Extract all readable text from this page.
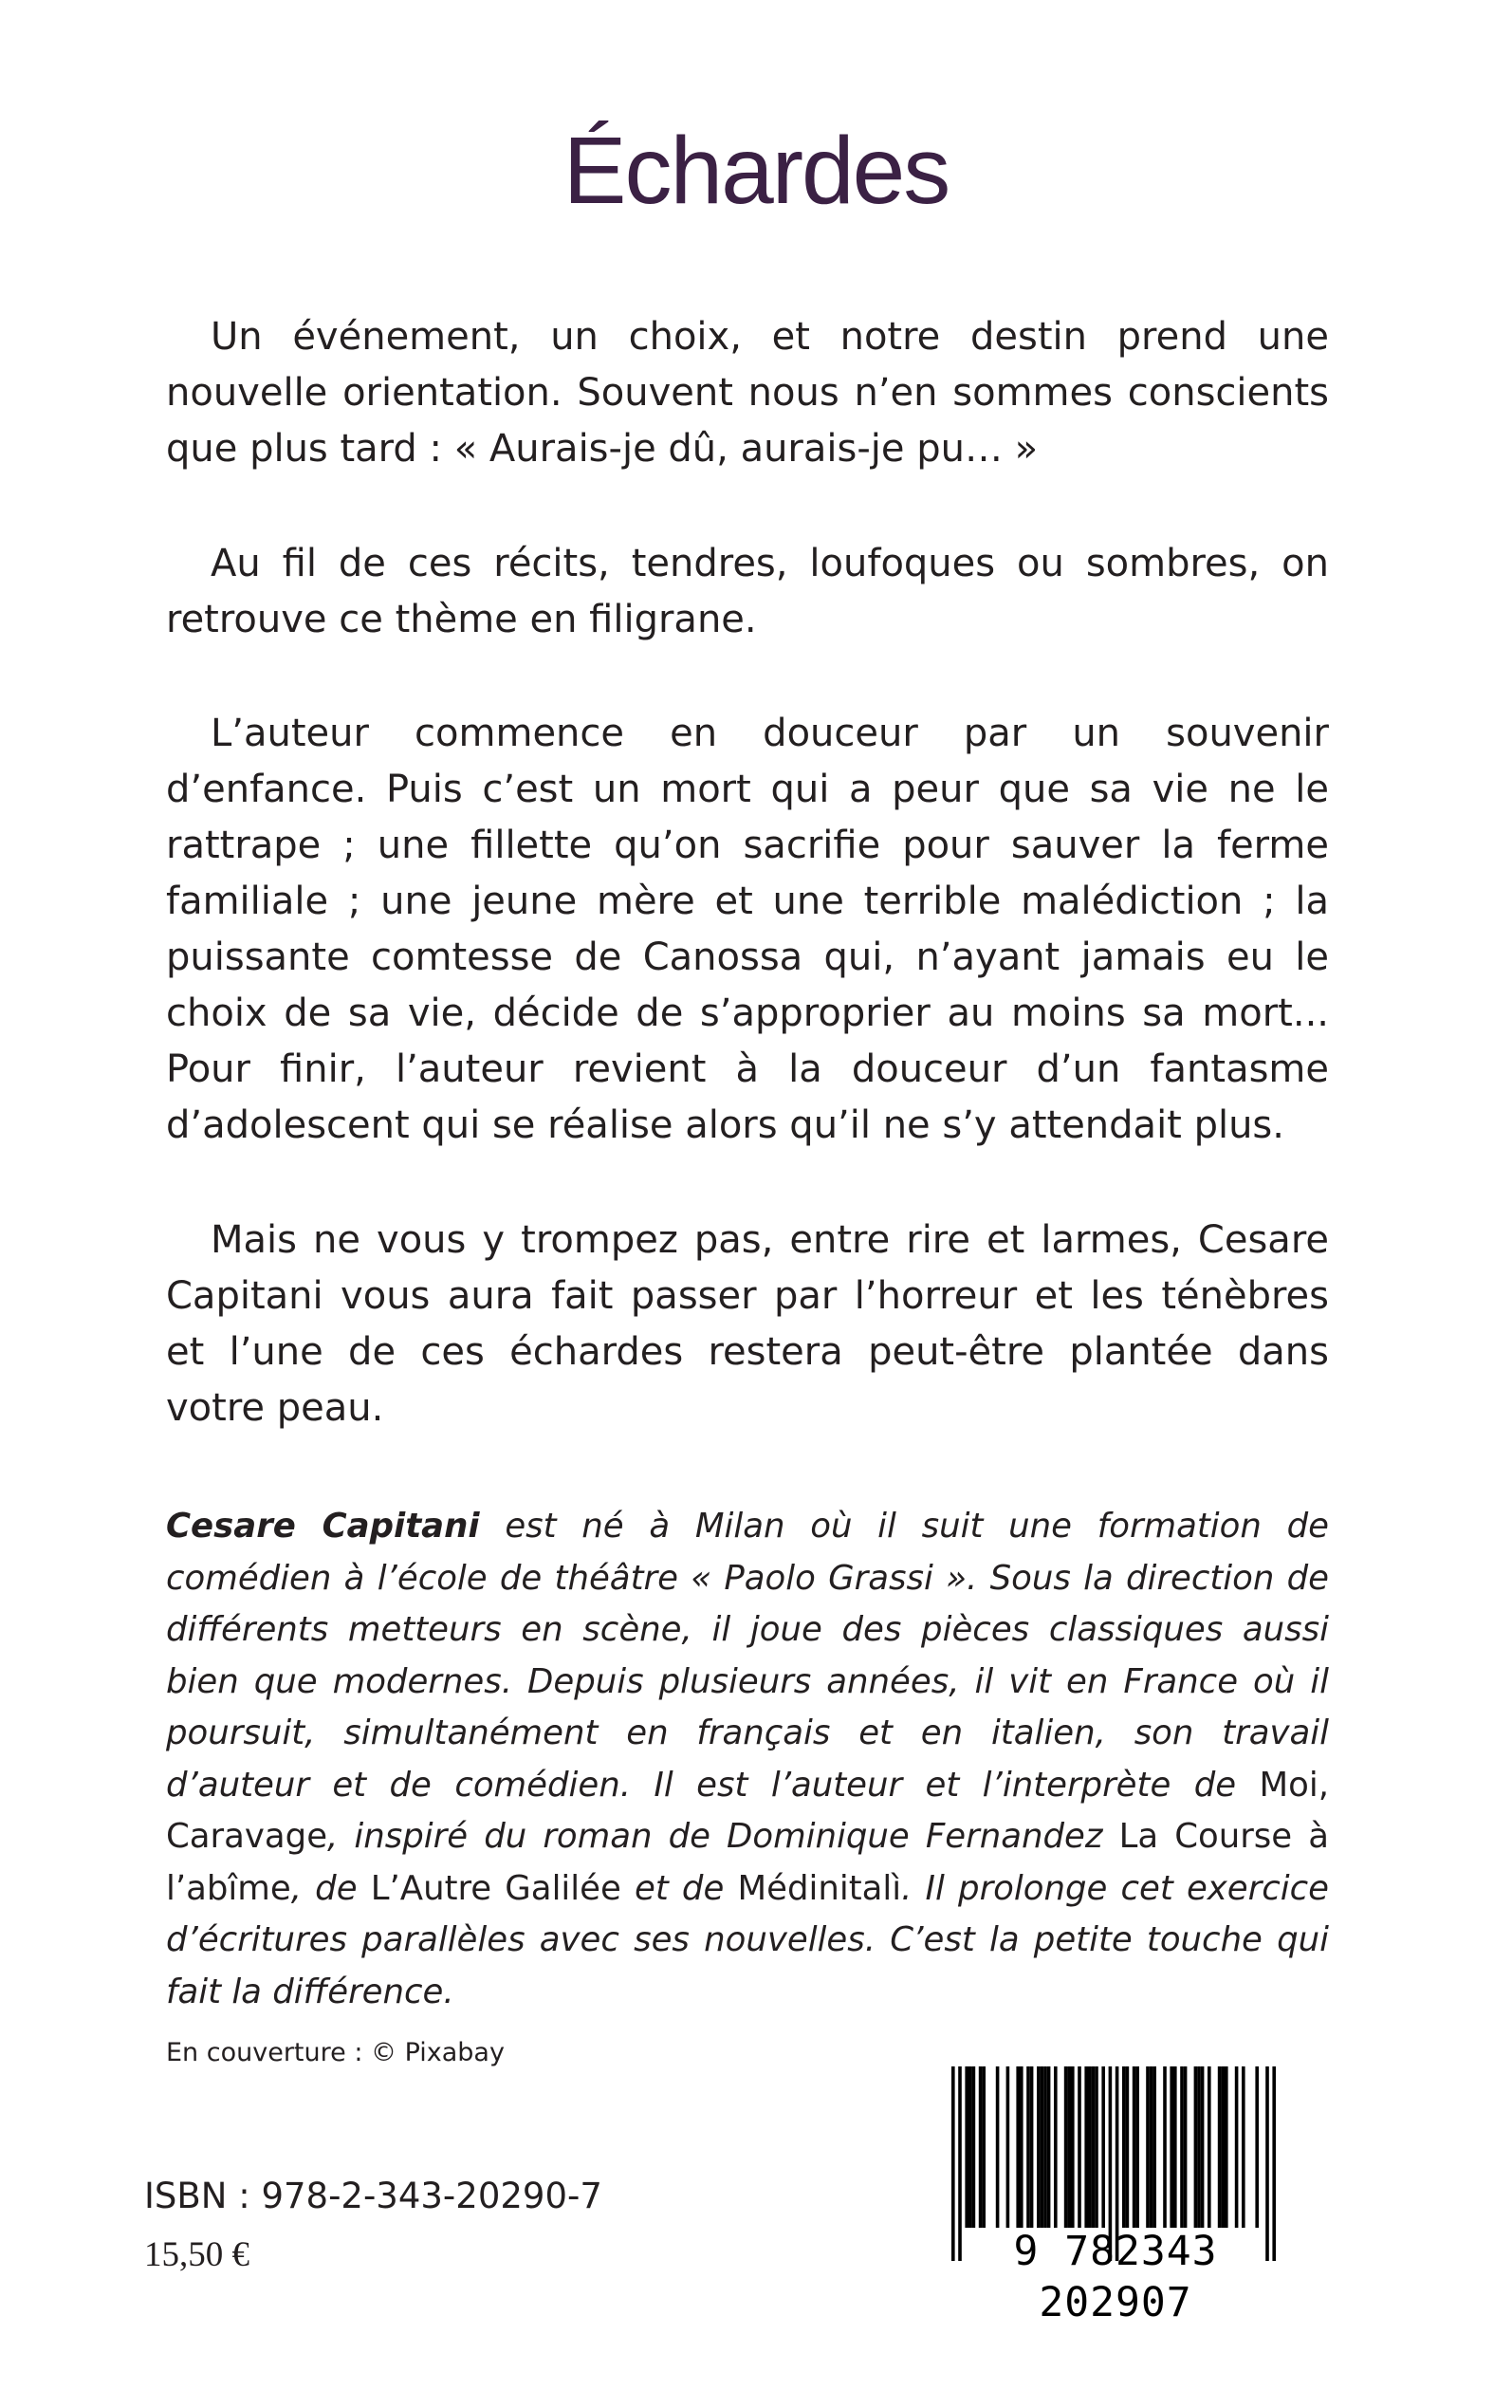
Échardes

Un événement, un choix, et notre destin prend une nouvelle orientation. Souvent nous n’en sommes conscients que plus tard : « Aurais-je dû, aurais-je pu… »

Au fil de ces récits, tendres, loufoques ou sombres, on retrouve ce thème en filigrane.

L’auteur commence en douceur par un souvenir d’enfance. Puis c’est un mort qui a peur que sa vie ne le rattrape ; une fillette qu’on sacrifie pour sauver la ferme familiale ; une jeune mère et une terrible malédiction ; la puissante comtesse de Canossa qui, n’ayant jamais eu le choix de sa vie, décide de s’approprier au moins sa mort... Pour finir, l’auteur revient à la douceur d’un fantasme d’adolescent qui se réalise alors qu’il ne s’y attendait plus.

Mais ne vous y trompez pas, entre rire et larmes, Cesare Capitani vous aura fait passer par l’horreur et les ténèbres et l’une de ces échardes restera peut-être plantée dans votre peau.

Cesare Capitani est né à Milan où il suit une formation de comédien à l’école de théâtre « Paolo Grassi ». Sous la direction de différents metteurs en scène, il joue des pièces classiques aussi bien que modernes. Depuis plusieurs années, il vit en France où il poursuit, simultanément en français et en italien, son travail d’auteur et de comédien. Il est l’auteur et l’interprète de Moi, Caravage, inspiré du roman de Dominique Fernandez La Course à l’abîme, de L’Autre Galilée et de Médinitalì. Il prolonge cet exercice d’écritures parallèles avec ses nouvelles. C’est la petite touche qui fait la différence.

En couverture : © Pixabay
ISBN : 978-2-343-20290-7
15,50 €	9 782343 202907
